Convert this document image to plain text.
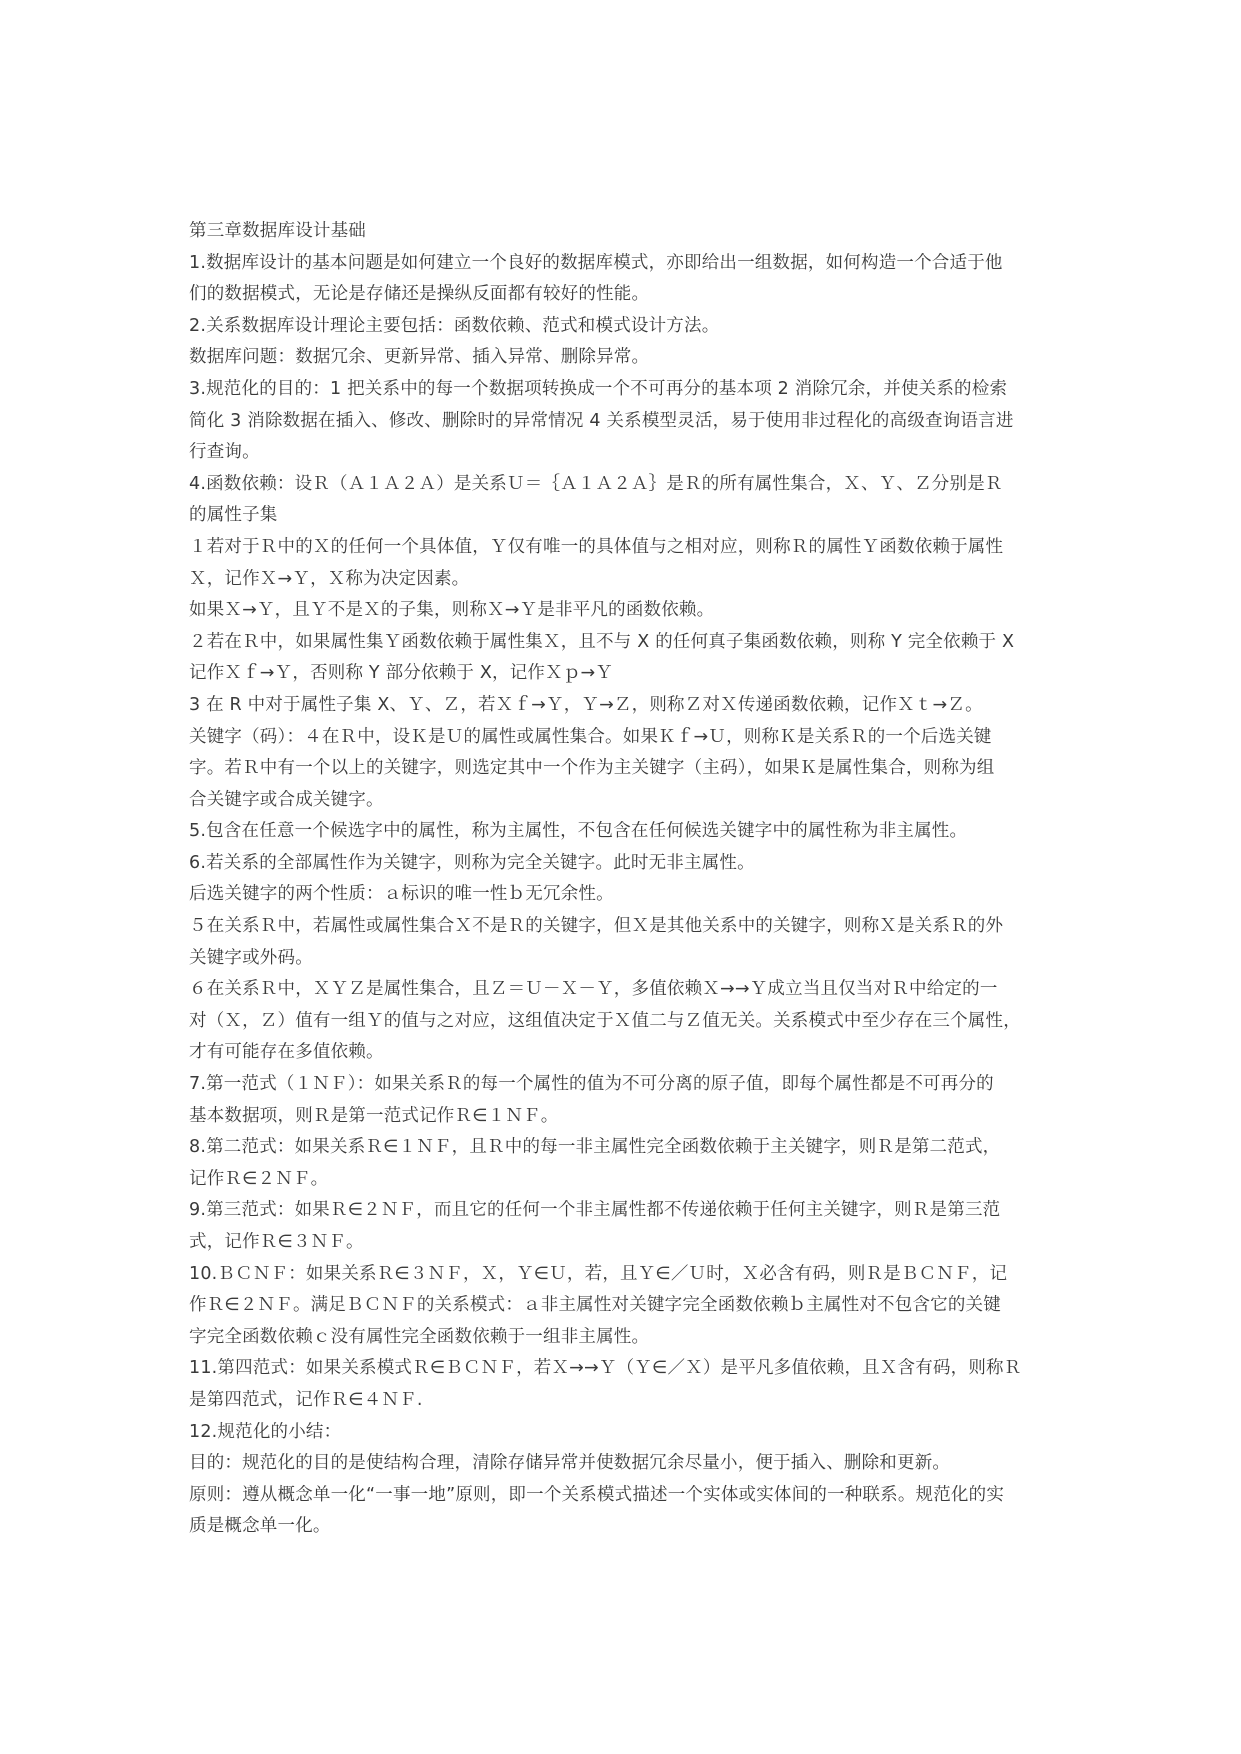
第三章数据库设计基础
1.数据库设计的基本问题是如何建立一个良好的数据库模式，亦即给出一组数据，如何构造一个合适于他
们的数据模式，无论是存储还是操纵反面都有较好的性能。
2.关系数据库设计理论主要包括：函数依赖、范式和模式设计方法。
数据库问题：数据冗余、更新异常、插入异常、删除异常。
3.规范化的目的：1 把关系中的每一个数据项转换成一个不可再分的基本项 2 消除冗余，并使关系的检索
简化 3 消除数据在插入、修改、删除时的异常情况 4 关系模型灵活，易于使用非过程化的高级查询语言进
行查询。
4.函数依赖：设Ｒ（Ａ１Ａ２Ａ）是关系Ｕ＝｛Ａ１Ａ２Ａ｝是Ｒ的所有属性集合，Ｘ、Ｙ、Ｚ分别是Ｒ
的属性子集
１若对于Ｒ中的Ｘ的任何一个具体值，Ｙ仅有唯一的具体值与之相对应，则称Ｒ的属性Ｙ函数依赖于属性
Ｘ，记作Ｘ→Ｙ，Ｘ称为决定因素。
如果Ｘ→Ｙ，且Ｙ不是Ｘ的子集，则称Ｘ→Ｙ是非平凡的函数依赖。
２若在Ｒ中，如果属性集Ｙ函数依赖于属性集Ｘ，且不与 X 的任何真子集函数依赖，则称 Y 完全依赖于 X
记作Ｘｆ→Ｙ，否则称 Y 部分依赖于 X，记作Ｘｐ→Ｙ
3 在 R 中对于属性子集 X、Ｙ、Ｚ，若Ｘｆ→Ｙ，Ｙ→Ｚ，则称Ｚ对Ｘ传递函数依赖，记作Ｘｔ→Ｚ。
关键字（码）：４在Ｒ中，设Ｋ是Ｕ的属性或属性集合。如果Ｋｆ→Ｕ，则称Ｋ是关系Ｒ的一个后选关键
字。若Ｒ中有一个以上的关键字，则选定其中一个作为主关键字（主码），如果Ｋ是属性集合，则称为组
合关键字或合成关键字。
5.包含在任意一个候选字中的属性，称为主属性，不包含在任何候选关键字中的属性称为非主属性。
6.若关系的全部属性作为关键字，则称为完全关键字。此时无非主属性。
后选关键字的两个性质：ａ标识的唯一性ｂ无冗余性。
５在关系Ｒ中，若属性或属性集合Ｘ不是Ｒ的关键字，但Ｘ是其他关系中的关键字，则称Ｘ是关系Ｒ的外
关键字或外码。
６在关系Ｒ中，ＸＹＺ是属性集合，且Ｚ＝Ｕ－Ｘ－Ｙ，多值依赖Ｘ→→Ｙ成立当且仅当对Ｒ中给定的一
对（Ｘ，Ｚ）值有一组Ｙ的值与之对应，这组值决定于Ｘ值二与Ｚ值无关。关系模式中至少存在三个属性，
才有可能存在多值依赖。
7.第一范式（１ＮＦ）：如果关系Ｒ的每一个属性的值为不可分离的原子值，即每个属性都是不可再分的
基本数据项，则Ｒ是第一范式记作Ｒ∈１ＮＦ。
8.第二范式：如果关系Ｒ∈１ＮＦ，且Ｒ中的每一非主属性完全函数依赖于主关键字，则Ｒ是第二范式，
记作Ｒ∈２ＮＦ。
9.第三范式：如果Ｒ∈２ＮＦ，而且它的任何一个非主属性都不传递依赖于任何主关键字，则Ｒ是第三范
式，记作Ｒ∈３ＮＦ。
10.ＢＣＮＦ：如果关系Ｒ∈３ＮＦ，Ｘ，Ｙ∈Ｕ，若，且Ｙ∈／Ｕ时，Ｘ必含有码，则Ｒ是ＢＣＮＦ，记
作Ｒ∈２ＮＦ。满足ＢＣＮＦ的关系模式：ａ非主属性对关键字完全函数依赖ｂ主属性对不包含它的关键
字完全函数依赖ｃ没有属性完全函数依赖于一组非主属性。
11.第四范式：如果关系模式Ｒ∈ＢＣＮＦ，若Ｘ→→Ｙ（Ｙ∈／Ｘ）是平凡多值依赖，且Ｘ含有码，则称Ｒ
是第四范式，记作Ｒ∈４ＮＦ.
12.规范化的小结：
目的：规范化的目的是使结构合理，清除存储异常并使数据冗余尽量小，便于插入、删除和更新。
原则：遵从概念单一化“一事一地”原则，即一个关系模式描述一个实体或实体间的一种联系。规范化的实
质是概念单一化。
